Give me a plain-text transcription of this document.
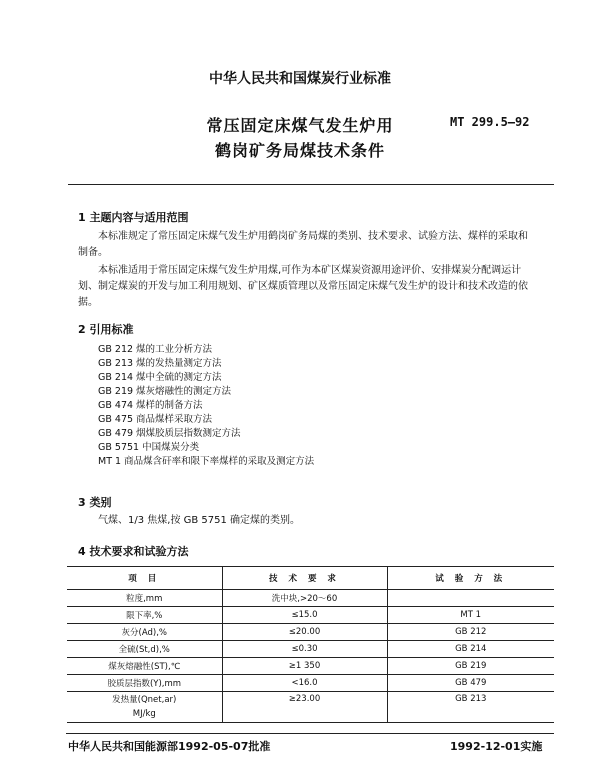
中华人民共和国煤炭行业标准
常压固定床煤气发生炉用
鹤岗矿务局煤技术条件
MT 299.5—92
1 主题内容与适用范围
本标准规定了常压固定床煤气发生炉用鹤岗矿务局煤的类别、技术要求、试验方法、煤样的采取和
制备。
本标准适用于常压固定床煤气发生炉用煤,可作为本矿区煤炭资源用途评价、安排煤炭分配调运计
划、制定煤炭的开发与加工利用规划、矿区煤质管理以及常压固定床煤气发生炉的设计和技术改造的依
据。
2 引用标准
GB 212 煤的工业分析方法
GB 213 煤的发热量测定方法
GB 214 煤中全硫的测定方法
GB 219 煤灰熔融性的测定方法
GB 474 煤样的制备方法
GB 475 商品煤样采取方法
GB 479 烟煤胶质层指数测定方法
GB 5751 中国煤炭分类
MT 1 商品煤含矸率和限下率煤样的采取及测定方法
3 类别
气煤、1/3 焦煤,按 GB 5751 确定煤的类别。
4 技术要求和试验方法
项 目	技 术 要 求	试 验 方 法
粒度,mm	洗中块,>20～60	
限下率,%	≤15.0	MT 1
灰分(Ad),%	≤20.00	GB 212
全硫(St,d),%	≤0.30	GB 214
煤灰熔融性(ST),℃	≥1 350	GB 219
胶质层指数(Y),mm	<16.0	GB 479

发热量(Qnet,ar)
MJ/kg	≥23.00	GB 213
中华人民共和国能源部1992-05-07批准	1992-12-01实施
